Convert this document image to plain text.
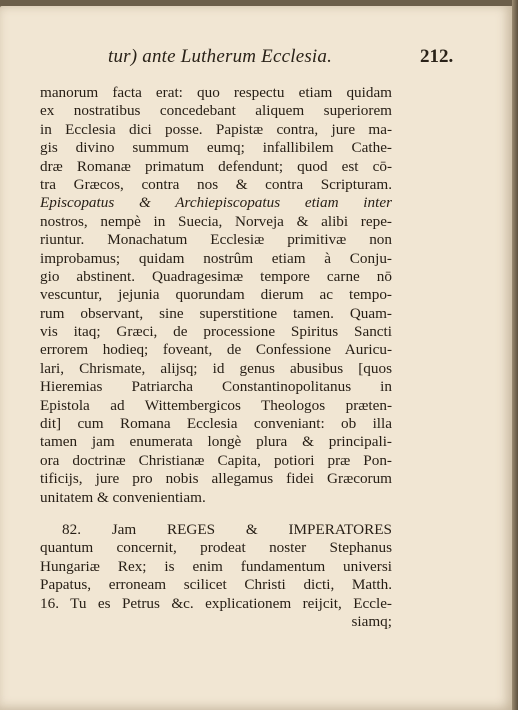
tur) ante Lutherum Ecclesia.	212.
manorum facta erat: quo respectu etiam quidam
ex nostratibus concedebant aliquem superiorem
in Ecclesia dici posse. Papistæ contra, jure ma-
gis divino summum eumq; infallibilem Cathe-
dræ Romanæ primatum defendunt; quod est cō-
tra Græcos, contra nos & contra Scripturam.
Episcopatus & Archiepiscopatus etiam inter
nostros, nempè in Suecia, Norveja & alibi repe-
riuntur. Monachatum Ecclesiæ primitivæ non
improbamus; quidam nostrûm etiam à Conju-
gio abstinent. Quadragesimæ tempore carne nō
vescuntur, jejunia quorundam dierum ac tempo-
rum observant, sine superstitione tamen. Quam-
vis itaq; Græci, de processione Spiritus Sancti
errorem hodieq; foveant, de Confessione Auricu-
lari, Chrismate, alijsq; id genus abusibus [quos
Hieremias Patriarcha Constantinopolitanus in
Epistola ad Wittembergicos Theologos præten-
dit] cum Romana Ecclesia conveniant: ob illa
tamen jam enumerata longè plura & principali-
ora doctrinæ Christianæ Capita, potiori præ Pon-
tificijs, jure pro nobis allegamus fidei Græcorum
unitatem & convenientiam.
82. Jam REGES & IMPERATORES
quantum concernit, prodeat noster Stephanus
Hungariæ Rex; is enim fundamentum universi
Papatus, erroneam scilicet Christi dicti, Matth.
16. Tu es Petrus &c. explicationem reijcit, Eccle-
siamq;
